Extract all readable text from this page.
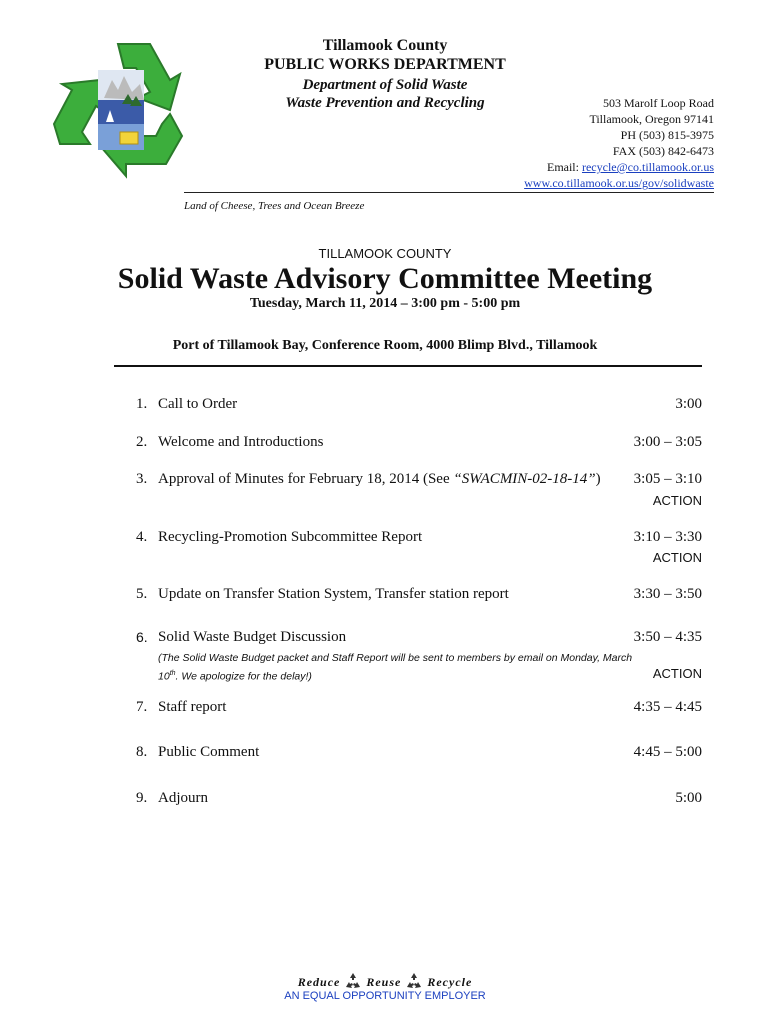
Tillamook County
PUBLIC WORKS DEPARTMENT
Department of Solid Waste
Waste Prevention and Recycling	503 Marolf Loop Road
Tillamook, Oregon 97141
PH (503) 815-3975
FAX (503) 842-6473
Email: recycle@co.tillamook.or.us
www.co.tillamook.or.us/gov/solidwaste
Land of Cheese, Trees and Ocean Breeze
TILLAMOOK COUNTY
Solid Waste Advisory Committee Meeting
Tuesday, March 11, 2014 – 3:00 pm - 5:00 pm
Port of Tillamook Bay, Conference Room, 4000 Blimp Blvd., Tillamook
1. Call to Order	3:00
2. Welcome and Introductions	3:00 – 3:05
3. Approval of Minutes for February 18, 2014 (See “SWACMIN-02-18-14”) 3:05 – 3:10
ACTION
4. Recycling-Promotion Subcommittee Report	3:10 – 3:30
ACTION
5. Update on Transfer Station System, Transfer station report	3:30 – 3:50
6. Solid Waste Budget Discussion	3:50 – 4:35
(The Solid Waste Budget packet and Staff Report will be sent to members by email on Monday, March
10th. We apologize for the delay!)	ACTION
7. Staff report	4:35 – 4:45
8. Public Comment	4:45 – 5:00
9. Adjourn	5:00
Reduce Reuse Recycle
AN EQUAL OPPORTUNITY EMPLOYER
